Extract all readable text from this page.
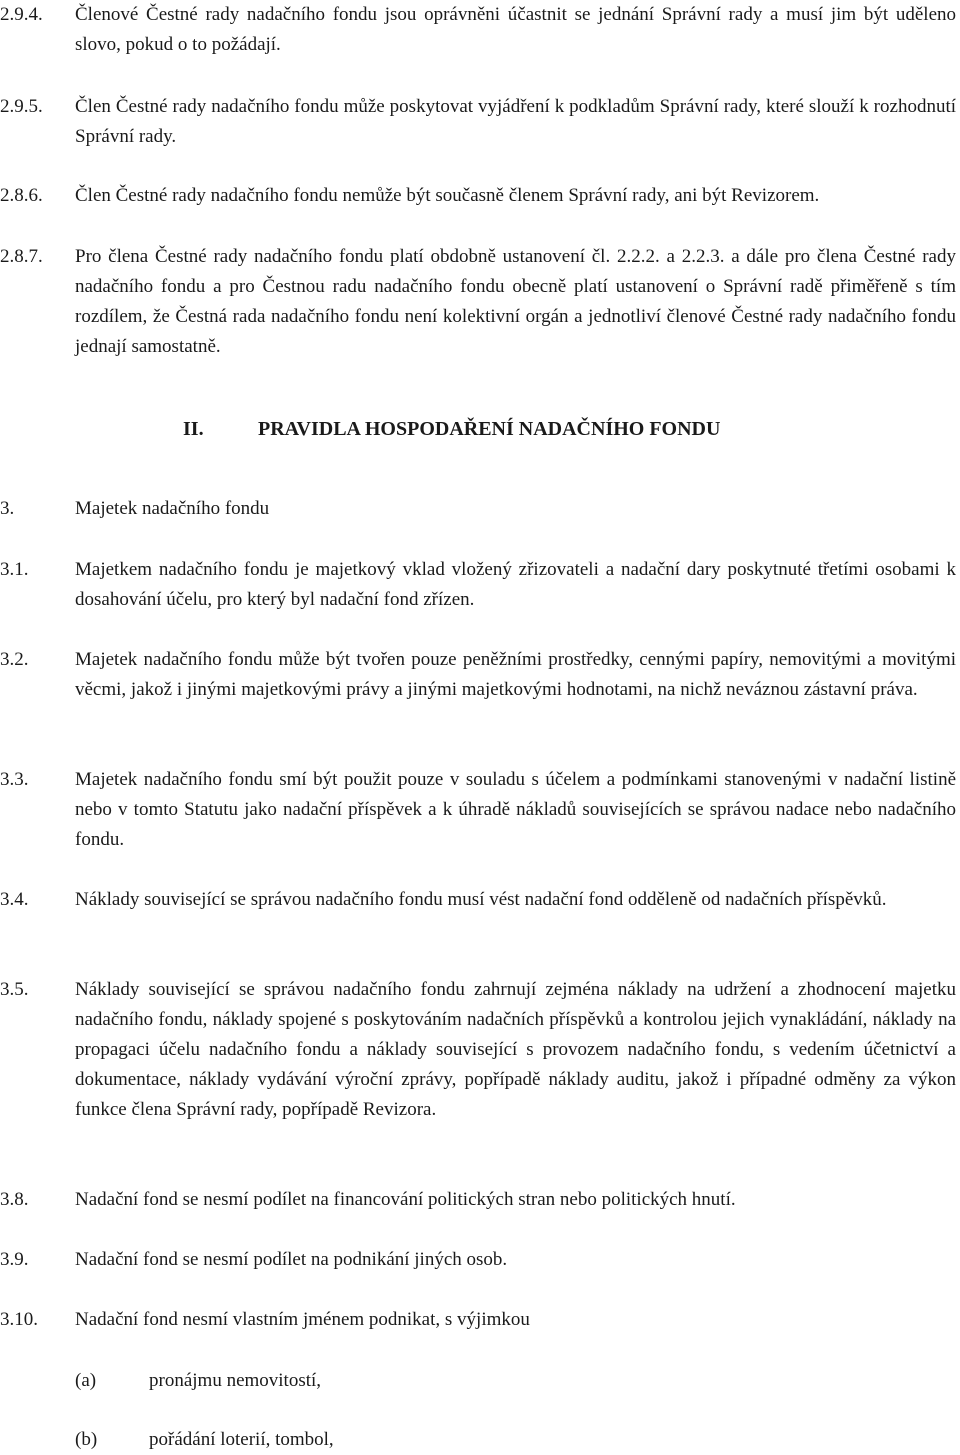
2.9.4. Členové Čestné rady nadačního fondu jsou oprávněni účastnit se jednání Správní rady a musí jim být uděleno slovo, pokud o to požádají.
2.9.5. Člen Čestné rady nadačního fondu může poskytovat vyjádření k podkladům Správní rady, které slouží k rozhodnutí Správní rady.
2.8.6. Člen Čestné rady nadačního fondu nemůže být současně členem Správní rady, ani být Revizorem.
2.8.7. Pro člena Čestné rady nadačního fondu platí obdobně ustanovení čl. 2.2.2. a 2.2.3. a dále pro člena Čestné rady nadačního fondu a pro Čestnou radu nadačního fondu obecně platí ustanovení o Správní radě přiměřeně s tím rozdílem, že Čestná rada nadačního fondu není kolektivní orgán a jednotliví členové Čestné rady nadačního fondu jednají samostatně.
II.	PRAVIDLA HOSPODAŘENÍ NADAČNÍHO FONDU
3.	Majetek nadačního fondu
3.1. Majetkem nadačního fondu je majetkový vklad vložený zřizovateli a nadační dary poskytnuté třetími osobami k dosahování účelu, pro který byl nadační fond zřízen.
3.2. Majetek nadačního fondu může být tvořen pouze peněžními prostředky, cennými papíry, nemovitými a movitými věcmi, jakož i jinými majetkovými právy a jinými majetkovými hodnotami, na nichž neváznou zástavní práva.
3.3. Majetek nadačního fondu smí být použit pouze v souladu s účelem a podmínkami stanovenými v nadační listině nebo v tomto Statutu jako nadační příspěvek a k úhradě nákladů souvisejících se správou nadace nebo nadačního fondu.
3.4. Náklady související se správou nadačního fondu musí vést nadační fond odděleně od nadačních příspěvků.
3.5. Náklady související se správou nadačního fondu zahrnují zejména náklady na udržení a zhodnocení majetku nadačního fondu, náklady spojené s poskytováním nadačních příspěvků a kontrolou jejich vynakládání, náklady na propagaci účelu nadačního fondu a náklady související s provozem nadačního fondu, s vedením účetnictví a dokumentace, náklady vydávání výroční zprávy, popřípadě náklady auditu, jakož i případné odměny za výkon funkce člena Správní rady, popřípadě Revizora.
3.8. Nadační fond se nesmí podílet na financování politických stran nebo politických hnutí.
3.9. Nadační fond se nesmí podílet na podnikání jiných osob.
3.10. Nadační fond nesmí vlastním jménem podnikat, s výjimkou
(a)	pronájmu nemovitostí,
(b)	pořádání loterií, tombol,
